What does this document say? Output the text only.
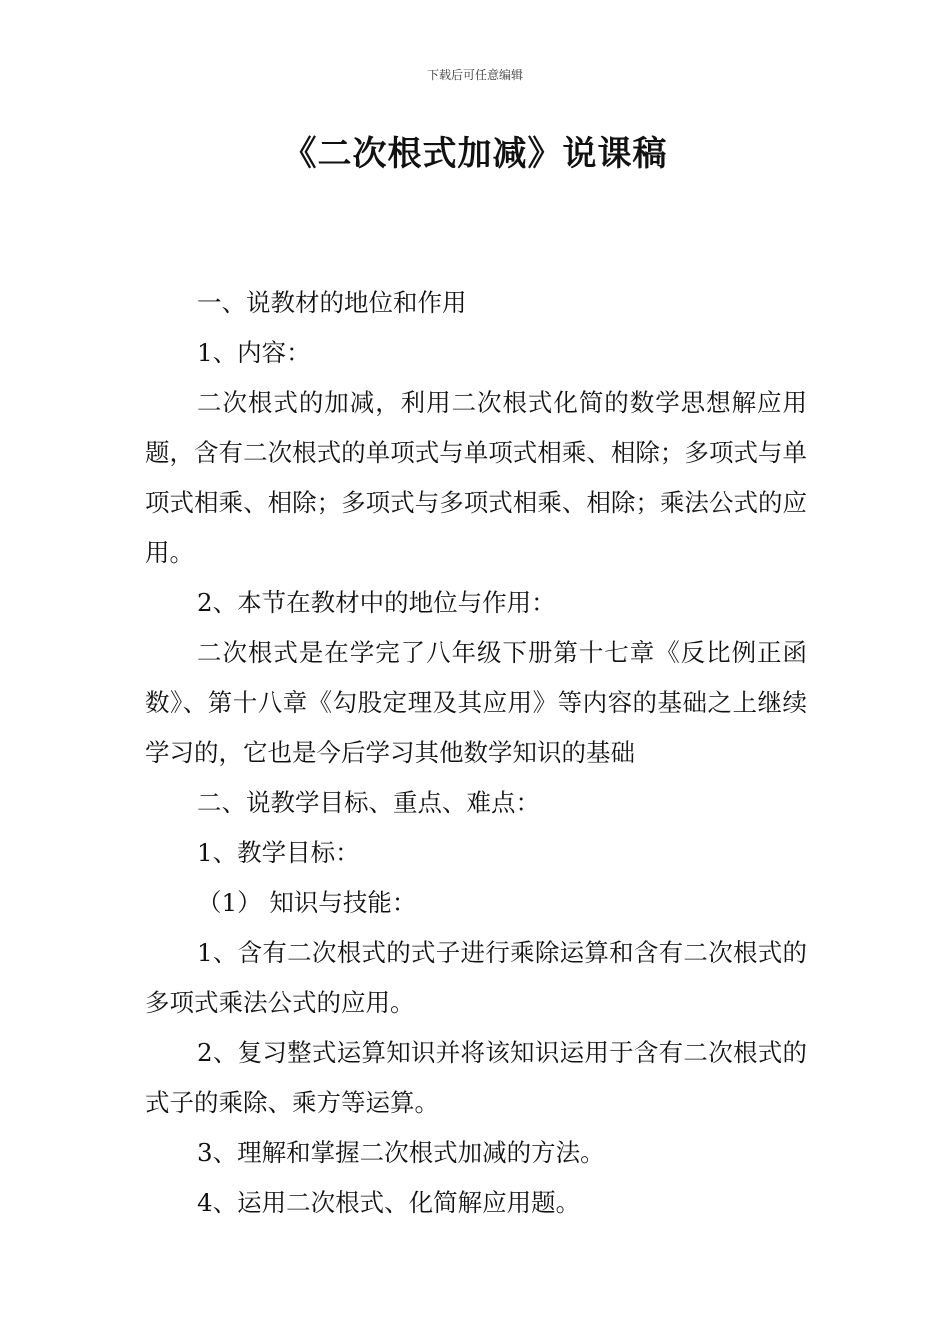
下载后可任意编辑
《二次根式加减》说课稿

一、说教材的地位和作用

1、内容：

二次根式的加减，利用二次根式化简的数学思想解应用题，含有二次根式的单项式与单项式相乘、相除；多项式与单项式相乘、相除；多项式与多项式相乘、相除；乘法公式的应用。

2、本节在教材中的地位与作用：

二次根式是在学完了八年级下册第十七章《反比例正函数》、第十八章《勾股定理及其应用》等内容的基础之上继续学习的，它也是今后学习其他数学知识的基础

二、说教学目标、重点、难点：

1、教学目标：

（1） 知识与技能：

1、含有二次根式的式子进行乘除运算和含有二次根式的多项式乘法公式的应用。

2、复习整式运算知识并将该知识运用于含有二次根式的式子的乘除、乘方等运算。

3、理解和掌握二次根式加减的方法。

4、运用二次根式、化简解应用题。
